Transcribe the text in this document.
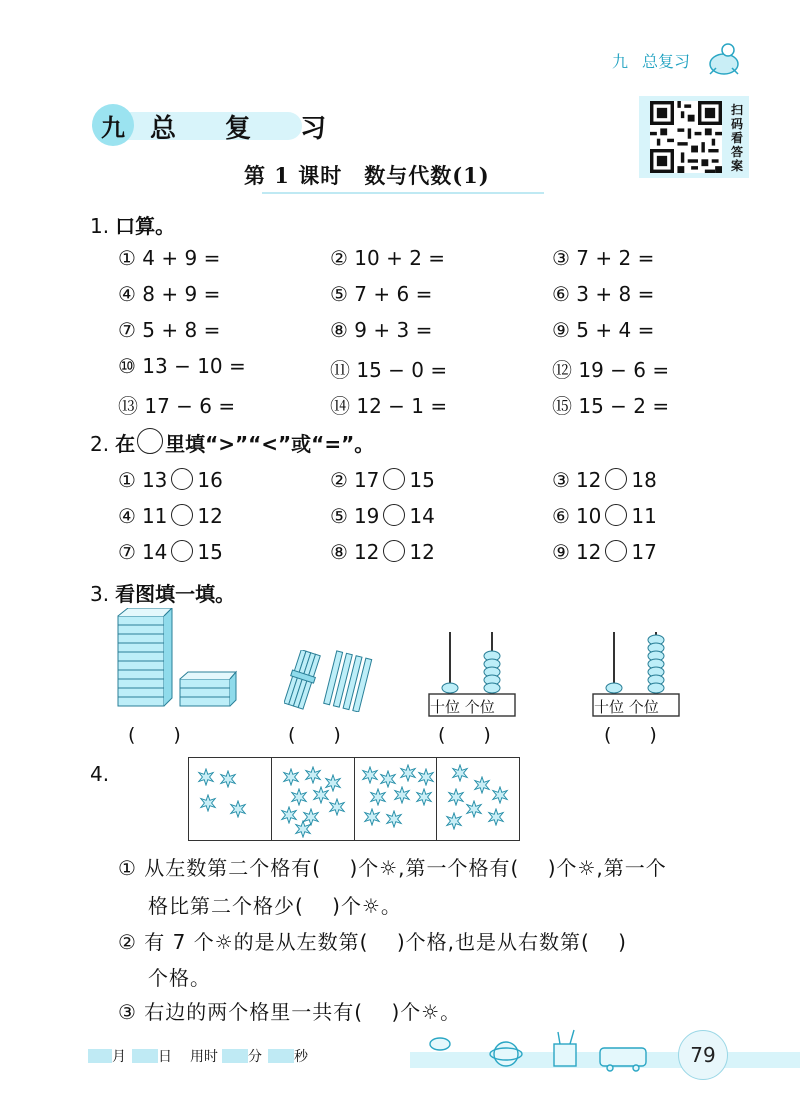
九 总复习
九 总 复 习
扫
码
看
答
案
第 1 课时　数与代数(1)
1. 口算。
① 4 + 9 =	② 10 + 2 =	③ 7 + 2 =
④ 8 + 9 =	⑤ 7 + 6 =	⑥ 3 + 8 =
⑦ 5 + 8 =	⑧ 9 + 3 =	⑨ 5 + 4 =
⑩ 13 − 10 =	⑪ 15 − 0 =	⑫ 19 − 6 =
⑬ 17 − 6 =	⑭ 12 − 1 =	⑮ 15 − 2 =
2. 在 里填“>”“<”或“=”。
① 13 16	② 17 15	③ 12 18
④ 11 12	⑤ 19 14	⑥ 10 11
⑦ 14 15	⑧ 12 12	⑨ 12 17
3. 看图填一填。
十位 个位	十位 个位
(　　)	(　　)	(　　)	(　　)
4.
① 从左数第二个格有(　 )个☼,第一个格有(　 )个☼,第一个
格比第二个格少(　 )个☼。
② 有 7 个☼的是从左数第(　 )个格,也是从右数第(　 )
个格。
③ 右边的两个格里一共有(　 )个☼。
79
月 日 用时 分 秒
